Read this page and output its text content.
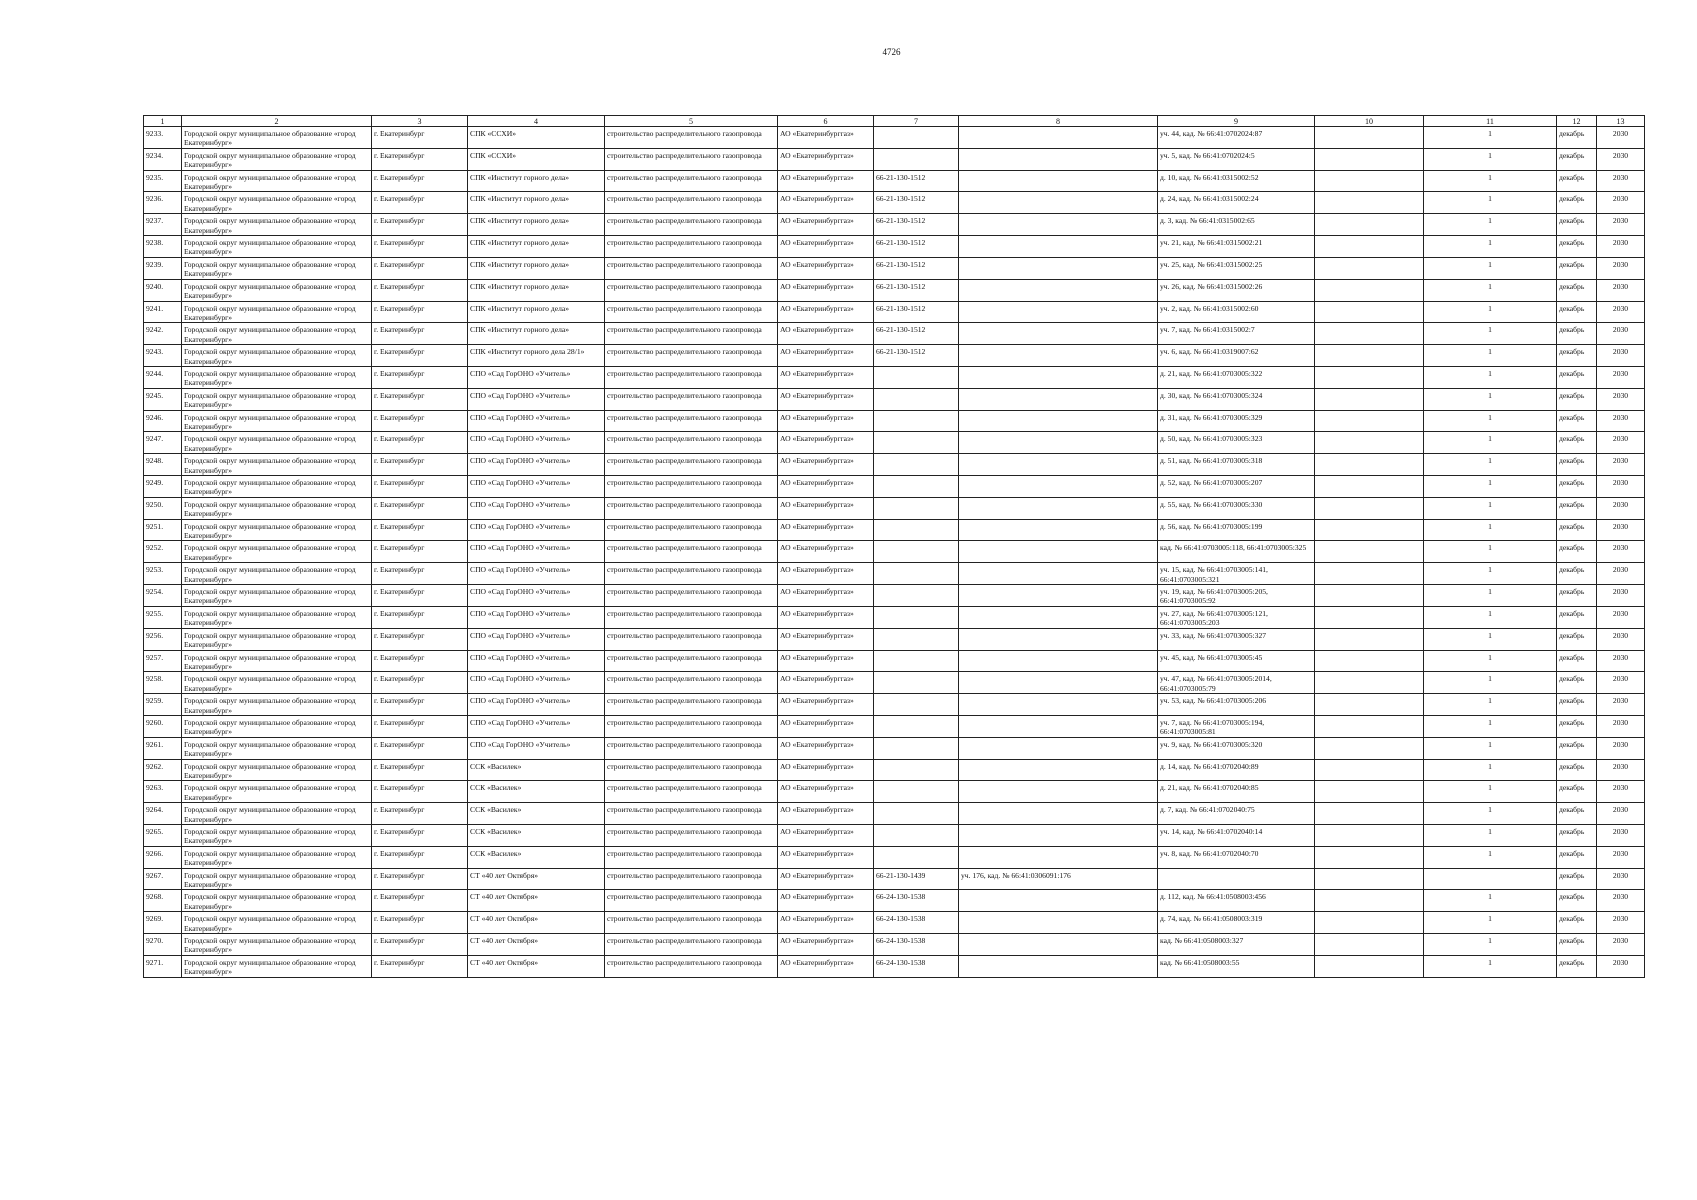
4726
1	2	3	4	5	6	7	8	9	10	11	12	13
9233.	Городской округ муниципальное образование «город Екатеринбург»	г. Екатеринбург	СПК «ССХИ»	строительство распределительного газопровода	АО «Екатеринбурггаз»			уч. 44, кад. № 66:41:0702024:87		1	декабрь	2030
9234.	Городской округ муниципальное образование «город Екатеринбург»	г. Екатеринбург	СПК «ССХИ»	строительство распределительного газопровода	АО «Екатеринбурггаз»			уч. 5, кад. № 66:41:0702024:5		1	декабрь	2030
9235.	Городской округ муниципальное образование «город Екатеринбург»	г. Екатеринбург	СПК «Институт горного дела»	строительство распределительного газопровода	АО «Екатеринбурггаз»	66-21-130-1512		д. 10, кад. № 66:41:0315002:52		1	декабрь	2030
9236.	Городской округ муниципальное образование «город Екатеринбург»	г. Екатеринбург	СПК «Институт горного дела»	строительство распределительного газопровода	АО «Екатеринбурггаз»	66-21-130-1512		д. 24, кад. № 66:41:0315002:24		1	декабрь	2030
9237.	Городской округ муниципальное образование «город Екатеринбург»	г. Екатеринбург	СПК «Институт горного дела»	строительство распределительного газопровода	АО «Екатеринбурггаз»	66-21-130-1512		д. 3, кад. № 66:41:0315002:65		1	декабрь	2030
9238.	Городской округ муниципальное образование «город Екатеринбург»	г. Екатеринбург	СПК «Институт горного дела»	строительство распределительного газопровода	АО «Екатеринбурггаз»	66-21-130-1512		уч. 21, кад. № 66:41:0315002:21		1	декабрь	2030
9239.	Городской округ муниципальное образование «город Екатеринбург»	г. Екатеринбург	СПК «Институт горного дела»	строительство распределительного газопровода	АО «Екатеринбурггаз»	66-21-130-1512		уч. 25, кад. № 66:41:0315002:25		1	декабрь	2030
9240.	Городской округ муниципальное образование «город Екатеринбург»	г. Екатеринбург	СПК «Институт горного дела»	строительство распределительного газопровода	АО «Екатеринбурггаз»	66-21-130-1512		уч. 26, кад. № 66:41:0315002:26		1	декабрь	2030
9241.	Городской округ муниципальное образование «город Екатеринбург»	г. Екатеринбург	СПК «Институт горного дела»	строительство распределительного газопровода	АО «Екатеринбурггаз»	66-21-130-1512		уч. 2, кад. № 66:41:0315002:60		1	декабрь	2030
9242.	Городской округ муниципальное образование «город Екатеринбург»	г. Екатеринбург	СПК «Институт горного дела»	строительство распределительного газопровода	АО «Екатеринбурггаз»	66-21-130-1512		уч. 7, кад. № 66:41:0315002:7		1	декабрь	2030
9243.	Городской округ муниципальное образование «город Екатеринбург»	г. Екатеринбург	СПК «Институт горного дела 28/1»	строительство распределительного газопровода	АО «Екатеринбурггаз»	66-21-130-1512		уч. 6, кад. № 66:41:0319007:62		1	декабрь	2030
9244.	Городской округ муниципальное образование «город Екатеринбург»	г. Екатеринбург	СПО «Сад ГорОНО «Учитель»	строительство распределительного газопровода	АО «Екатеринбурггаз»			д. 21, кад. № 66:41:0703005:322		1	декабрь	2030
9245.	Городской округ муниципальное образование «город Екатеринбург»	г. Екатеринбург	СПО «Сад ГорОНО «Учитель»	строительство распределительного газопровода	АО «Екатеринбурггаз»			д. 30, кад. № 66:41:0703005:324		1	декабрь	2030
9246.	Городской округ муниципальное образование «город Екатеринбург»	г. Екатеринбург	СПО «Сад ГорОНО «Учитель»	строительство распределительного газопровода	АО «Екатеринбурггаз»			д. 31, кад. № 66:41:0703005:329		1	декабрь	2030
9247.	Городской округ муниципальное образование «город Екатеринбург»	г. Екатеринбург	СПО «Сад ГорОНО «Учитель»	строительство распределительного газопровода	АО «Екатеринбурггаз»			д. 50, кад. № 66:41:0703005:323		1	декабрь	2030
9248.	Городской округ муниципальное образование «город Екатеринбург»	г. Екатеринбург	СПО «Сад ГорОНО «Учитель»	строительство распределительного газопровода	АО «Екатеринбурггаз»			д. 51, кад. № 66:41:0703005:318		1	декабрь	2030
9249.	Городской округ муниципальное образование «город Екатеринбург»	г. Екатеринбург	СПО «Сад ГорОНО «Учитель»	строительство распределительного газопровода	АО «Екатеринбурггаз»			д. 52, кад. № 66:41:0703005:207		1	декабрь	2030
9250.	Городской округ муниципальное образование «город Екатеринбург»	г. Екатеринбург	СПО «Сад ГорОНО «Учитель»	строительство распределительного газопровода	АО «Екатеринбурггаз»			д. 55, кад. № 66:41:0703005:330		1	декабрь	2030
9251.	Городской округ муниципальное образование «город Екатеринбург»	г. Екатеринбург	СПО «Сад ГорОНО «Учитель»	строительство распределительного газопровода	АО «Екатеринбурггаз»			д. 56, кад. № 66:41:0703005:199		1	декабрь	2030
9252.	Городской округ муниципальное образование «город Екатеринбург»	г. Екатеринбург	СПО «Сад ГорОНО «Учитель»	строительство распределительного газопровода	АО «Екатеринбурггаз»			кад. № 66:41:0703005:118, 66:41:0703005:325		1	декабрь	2030
9253.	Городской округ муниципальное образование «город Екатеринбург»	г. Екатеринбург	СПО «Сад ГорОНО «Учитель»	строительство распределительного газопровода	АО «Екатеринбурггаз»			уч. 15, кад. № 66:41:0703005:141, 66:41:0703005:321		1	декабрь	2030
9254.	Городской округ муниципальное образование «город Екатеринбург»	г. Екатеринбург	СПО «Сад ГорОНО «Учитель»	строительство распределительного газопровода	АО «Екатеринбурггаз»			уч. 19, кад. № 66:41:0703005:205, 66:41:0703005:92		1	декабрь	2030
9255.	Городской округ муниципальное образование «город Екатеринбург»	г. Екатеринбург	СПО «Сад ГорОНО «Учитель»	строительство распределительного газопровода	АО «Екатеринбурггаз»			уч. 27, кад. № 66:41:0703005:121, 66:41:0703005:203		1	декабрь	2030
9256.	Городской округ муниципальное образование «город Екатеринбург»	г. Екатеринбург	СПО «Сад ГорОНО «Учитель»	строительство распределительного газопровода	АО «Екатеринбурггаз»			уч. 33, кад. № 66:41:0703005:327		1	декабрь	2030
9257.	Городской округ муниципальное образование «город Екатеринбург»	г. Екатеринбург	СПО «Сад ГорОНО «Учитель»	строительство распределительного газопровода	АО «Екатеринбурггаз»			уч. 45, кад. № 66:41:0703005:45		1	декабрь	2030
9258.	Городской округ муниципальное образование «город Екатеринбург»	г. Екатеринбург	СПО «Сад ГорОНО «Учитель»	строительство распределительного газопровода	АО «Екатеринбурггаз»			уч. 47, кад. № 66:41:0703005:2014, 66:41:0703005:79		1	декабрь	2030
9259.	Городской округ муниципальное образование «город Екатеринбург»	г. Екатеринбург	СПО «Сад ГорОНО «Учитель»	строительство распределительного газопровода	АО «Екатеринбурггаз»			уч. 53, кад. № 66:41:0703005:206		1	декабрь	2030
9260.	Городской округ муниципальное образование «город Екатеринбург»	г. Екатеринбург	СПО «Сад ГорОНО «Учитель»	строительство распределительного газопровода	АО «Екатеринбурггаз»			уч. 7, кад. № 66:41:0703005:194, 66:41:0703005:81		1	декабрь	2030
9261.	Городской округ муниципальное образование «город Екатеринбург»	г. Екатеринбург	СПО «Сад ГорОНО «Учитель»	строительство распределительного газопровода	АО «Екатеринбурггаз»			уч. 9, кад. № 66:41:0703005:320		1	декабрь	2030
9262.	Городской округ муниципальное образование «город Екатеринбург»	г. Екатеринбург	ССК «Василек»	строительство распределительного газопровода	АО «Екатеринбурггаз»			д. 14, кад. № 66:41:0702040:89		1	декабрь	2030
9263.	Городской округ муниципальное образование «город Екатеринбург»	г. Екатеринбург	ССК «Василек»	строительство распределительного газопровода	АО «Екатеринбурггаз»			д. 21, кад. № 66:41:0702040:85		1	декабрь	2030
9264.	Городской округ муниципальное образование «город Екатеринбург»	г. Екатеринбург	ССК «Василек»	строительство распределительного газопровода	АО «Екатеринбурггаз»			д. 7, кад. № 66:41:0702040:75		1	декабрь	2030
9265.	Городской округ муниципальное образование «город Екатеринбург»	г. Екатеринбург	ССК «Василек»	строительство распределительного газопровода	АО «Екатеринбурггаз»			уч. 14, кад. № 66:41:0702040:14		1	декабрь	2030
9266.	Городской округ муниципальное образование «город Екатеринбург»	г. Екатеринбург	ССК «Василек»	строительство распределительного газопровода	АО «Екатеринбурггаз»			уч. 8, кад. № 66:41:0702040:70		1	декабрь	2030
9267.	Городской округ муниципальное образование «город Екатеринбург»	г. Екатеринбург	СТ «40 лет Октября»	строительство распределительного газопровода	АО «Екатеринбурггаз»	66-21-130-1439	уч. 176, кад. № 66:41:0306091:176				декабрь	2030
9268.	Городской округ муниципальное образование «город Екатеринбург»	г. Екатеринбург	СТ «40 лет Октября»	строительство распределительного газопровода	АО «Екатеринбурггаз»	66-24-130-1538		д. 112, кад. № 66:41:0508003:456		1	декабрь	2030
9269.	Городской округ муниципальное образование «город Екатеринбург»	г. Екатеринбург	СТ «40 лет Октября»	строительство распределительного газопровода	АО «Екатеринбурггаз»	66-24-130-1538		д. 74, кад. № 66:41:0508003:319		1	декабрь	2030
9270.	Городской округ муниципальное образование «город Екатеринбург»	г. Екатеринбург	СТ «40 лет Октября»	строительство распределительного газопровода	АО «Екатеринбурггаз»	66-24-130-1538		кад. № 66:41:0508003:327		1	декабрь	2030
9271.	Городской округ муниципальное образование «город Екатеринбург»	г. Екатеринбург	СТ «40 лет Октября»	строительство распределительного газопровода	АО «Екатеринбурггаз»	66-24-130-1538		кад. № 66:41:0508003:55		1	декабрь	2030
